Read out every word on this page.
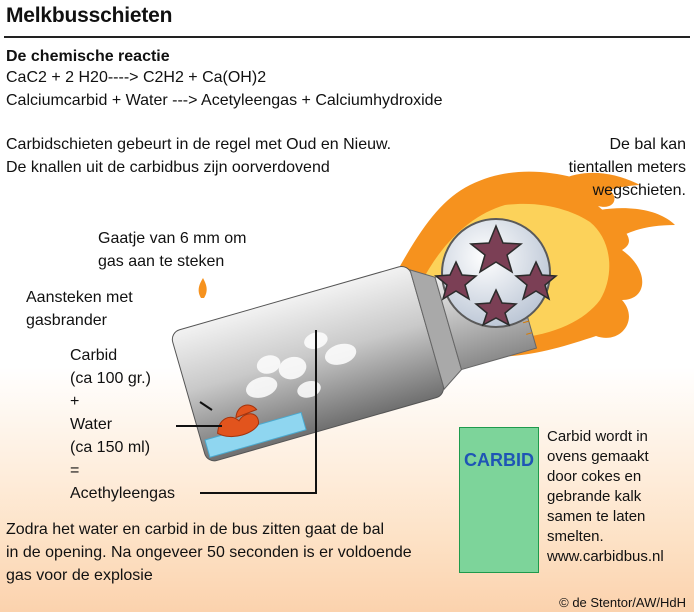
Melkbusschieten
De chemische reactie
CaC2 + 2 H20----> C2H2 + Ca(OH)2
Calciumcarbid + Water ---> Acetyleengas + Calciumhydroxide
Carbidschieten gebeurt in de regel met Oud en Nieuw.
De knallen uit de carbidbus zijn oorverdovend
De bal kan
tientallen meters
wegschieten.
Gaatje van 6 mm om
gas aan te steken
Aansteken met
gasbrander
Carbid
(ca 100 gr.)
+
Water
(ca 150 ml)
=
Acethyleengas
Zodra het water en carbid in de bus zitten gaat de bal
in de opening. Na ongeveer 50 seconden is er voldoende
gas voor de explosie
CARBID
Carbid wordt in
ovens gemaakt
door cokes en
gebrande kalk
samen te laten
smelten.
www.carbidbus.nl
© de Stentor/AW/HdH
